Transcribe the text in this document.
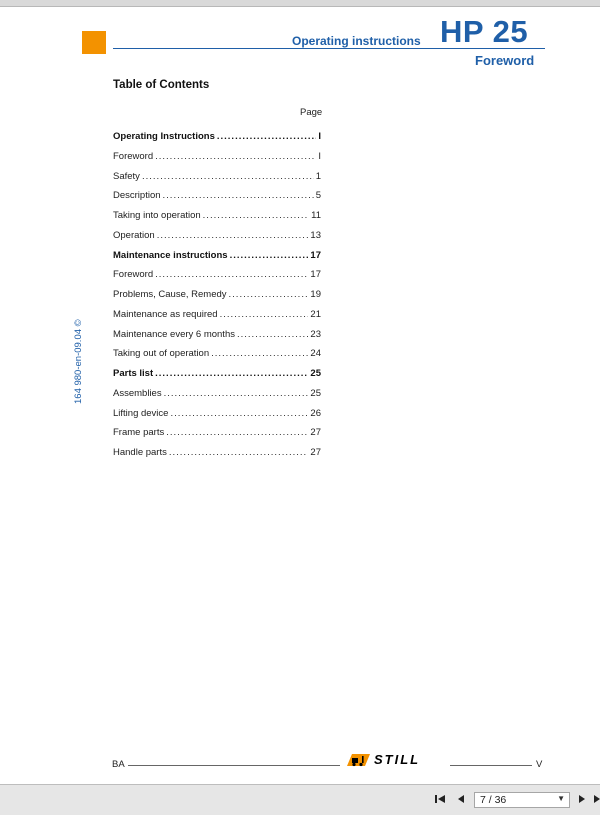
Operating instructions HP 25
Foreword
Table of Contents
Page
Operating Instructions .....	I
Foreword .....	I
Safety .....	1
Description .....	5
Taking into operation .....	11
Operation .....	13
Maintenance instructions .....	17
Foreword .....	17
Problems, Cause, Remedy .....	19
Maintenance as required .....	21
Maintenance every 6 months .....	23
Taking out of operation .....	24
Parts list .....	25
Assemblies .....	25
Lifting device .....	26
Frame parts .....	27
Handle parts .....	27
164 980-en-09.04 ©
BA	STILL	V
7 / 36	▼
